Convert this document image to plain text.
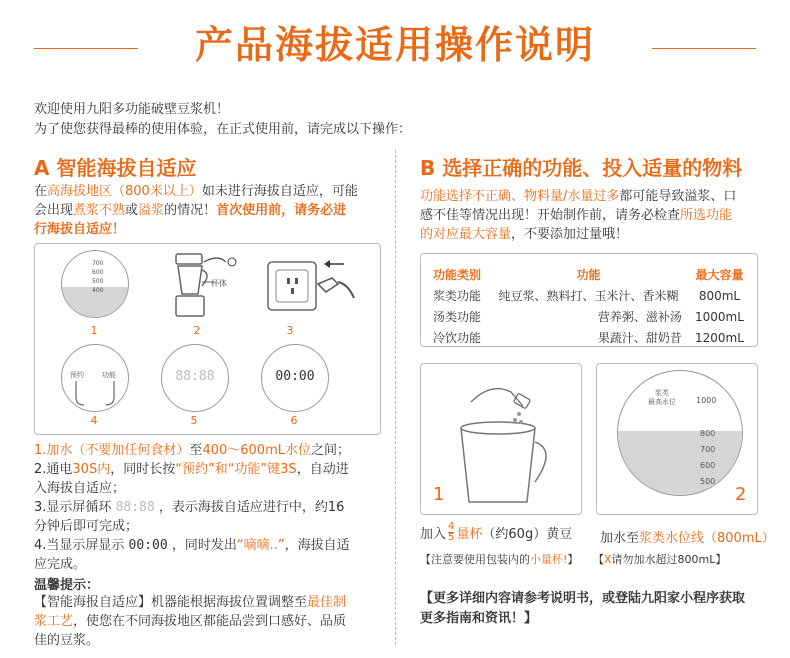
产品海拔适用操作说明
欢迎使用九阳多功能破壁豆浆机！
为了使您获得最棒的使用体验，在正式使用前，请完成以下操作：
A 智能海拔自适应
在高海拔地区（800米以上）如未进行海拔自适应，可能
会出现煮浆不熟或溢浆的情况！首次使用前，请务必进
行海拔自适应！
700
600
500
400
杯体
1	2	3
预约	功能	88:88	00:00
4	5	6
1.加水（不要加任何食材）至400～600mL水位之间；
2.通电30S内，同时长按“预约”和“功能”键3S，自动进
入海拔自适应；
3.显示屏循环 88:88 ，表示海拔自适应进行中，约16
分钟后即可完成；
4.当显示屏显示 00:00 ，同时发出“嘀嘀..”，海拔自适
应完成。
温馨提示：
【智能海报自适应】机器能根据海拔位置调整至最佳制
浆工艺，使您在不同海拔地区都能品尝到口感好、品质
佳的豆浆。
B 选择正确的功能、投入适量的物料
功能选择不正确、物料量/水量过多都可能导致溢浆、口
感不佳等情况出现！开始制作前，请务必检查所选功能
的对应最大容量，不要添加过量哦！
功能类别	功能	最大容量
浆类功能	纯豆浆、熟料打、玉米汁、香米糊	800mL
汤类功能	营养粥、滋补汤	1000mL
冷饮功能	果蔬汁、甜奶昔	1200mL
1
浆类
最高水位	1000
800
700
600
500
2
加入
4
5 量杯 （约60g）黄豆 加水至浆类水位线（800mL）
【注意要使用包装内的小量杯!】 【X请勿加水超过800mL】
【更多详细内容请参考说明书，或登陆九阳家小程序获取
更多指南和资讯！】
